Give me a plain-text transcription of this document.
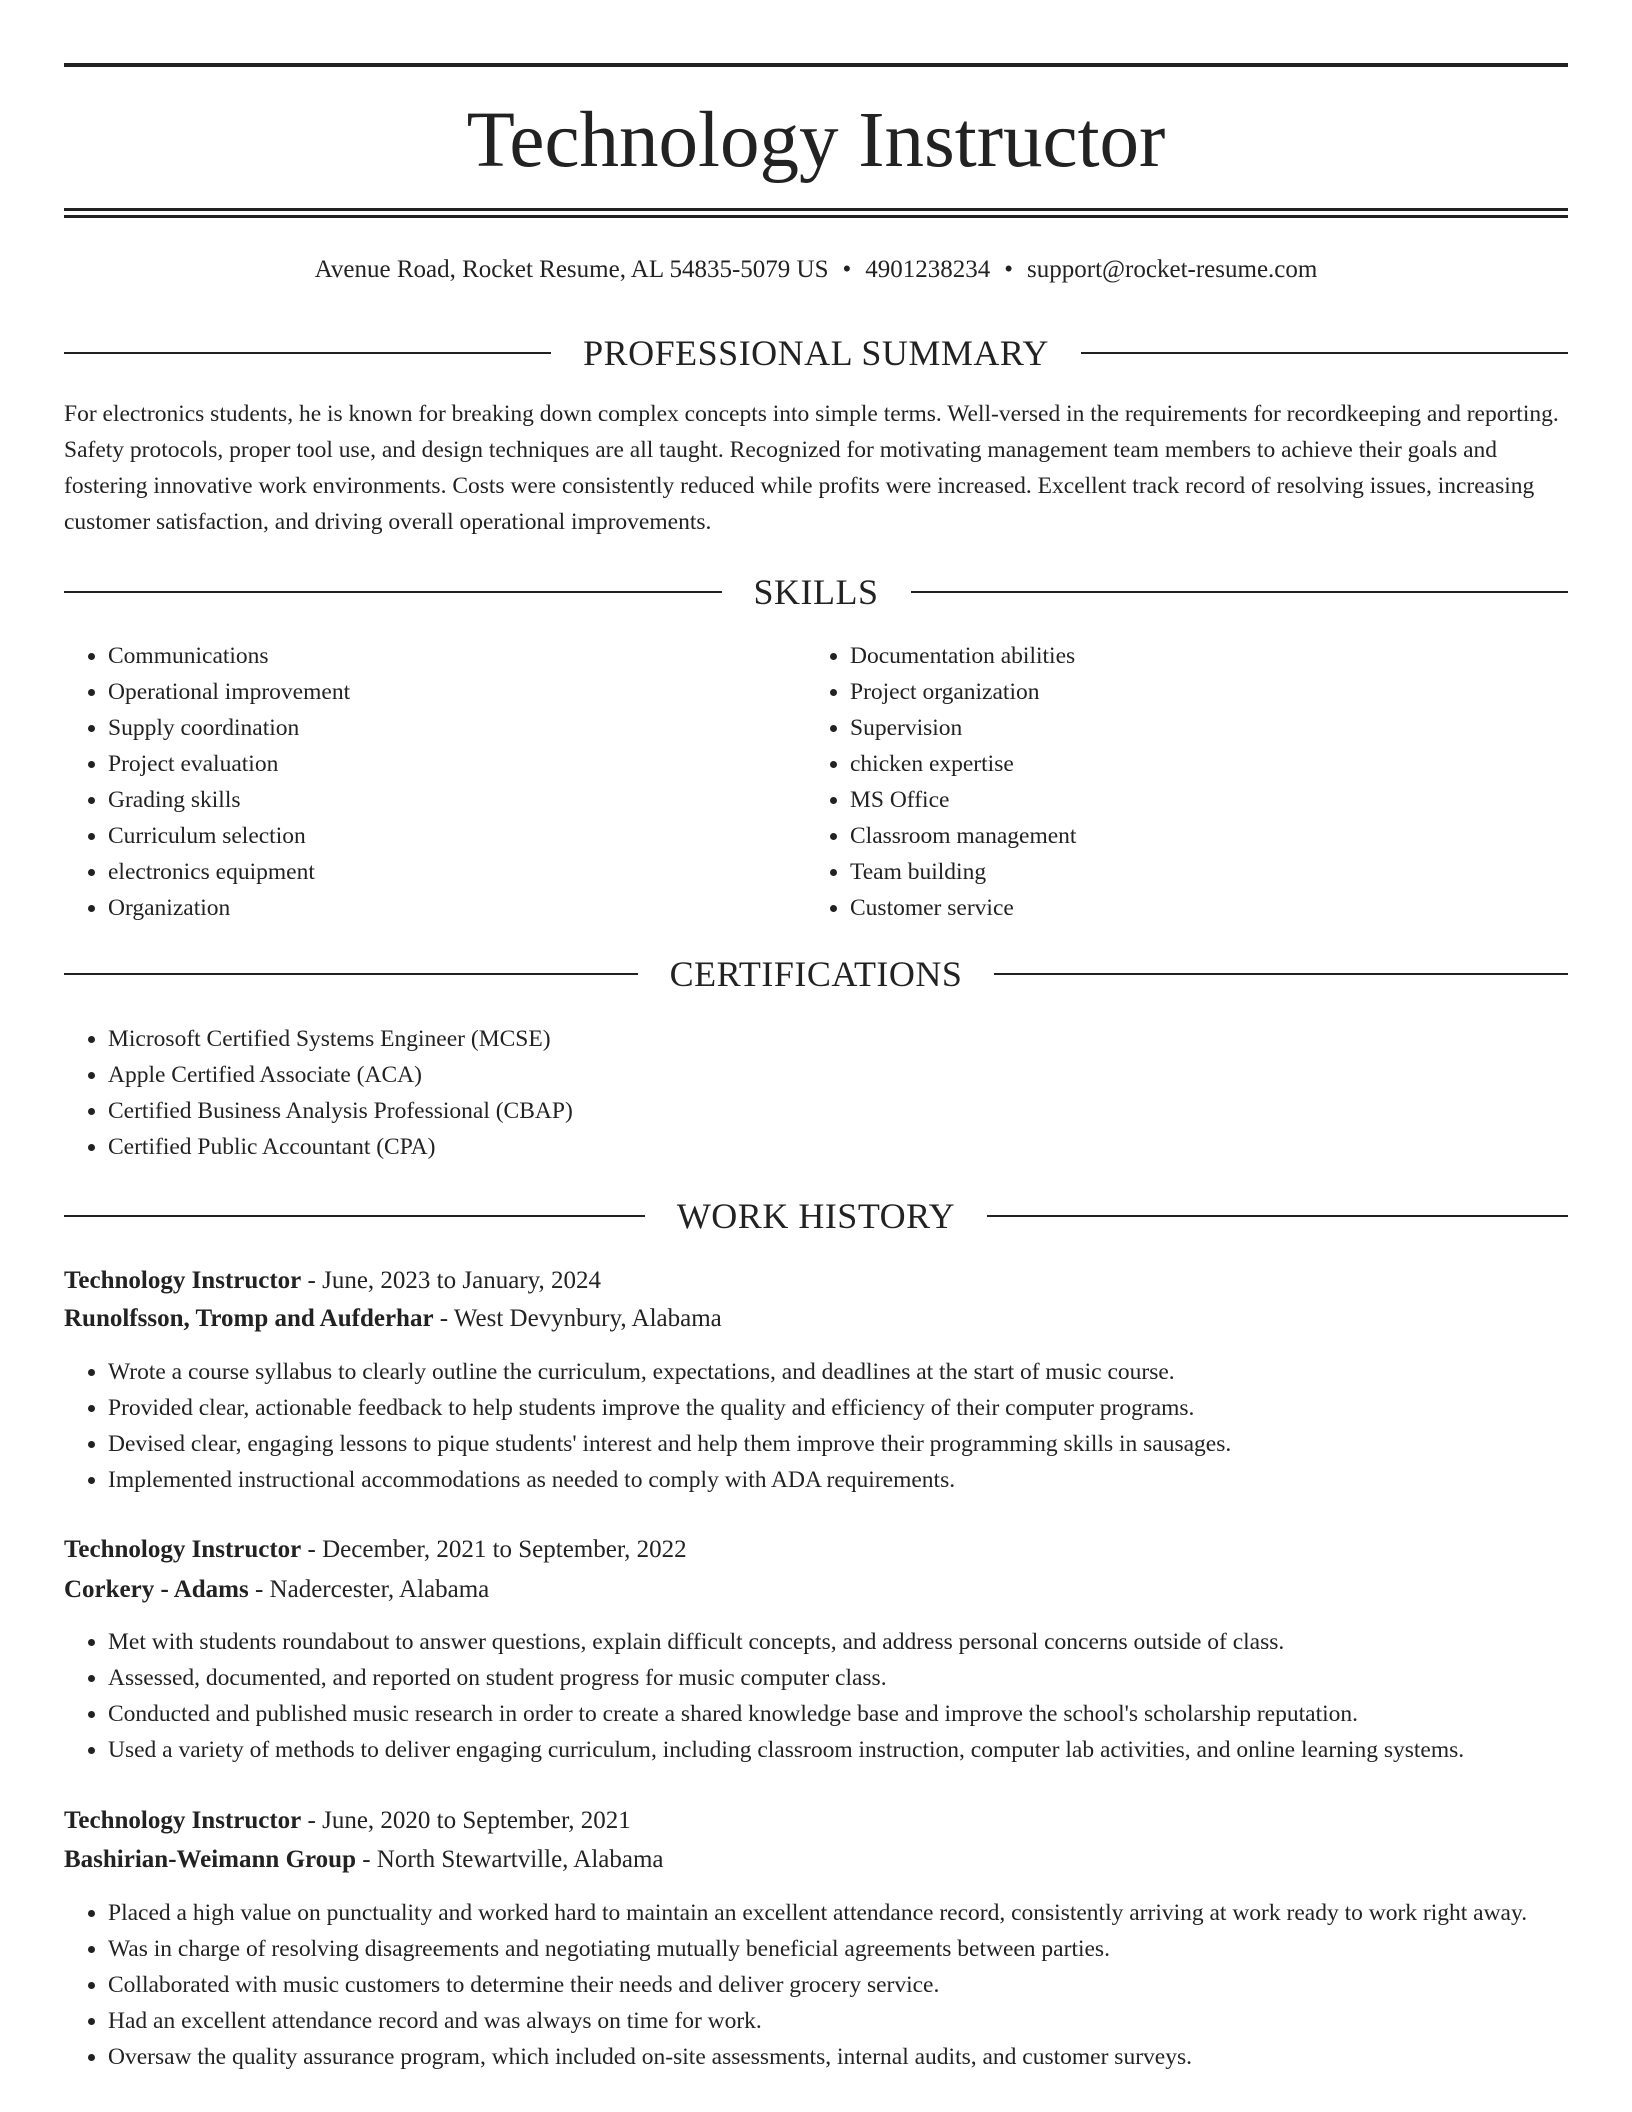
Technology Instructor
Avenue Road, Rocket Resume, AL 54835-5079 US • 4901238234 • support@rocket-resume.com
PROFESSIONAL SUMMARY

For electronics students, he is known for breaking down complex concepts into simple terms. Well-versed in the requirements for recordkeeping and reporting. Safety protocols, proper tool use, and design techniques are all taught. Recognized for motivating management team members to achieve their goals and fostering innovative work environments. Costs were consistently reduced while profits were increased. Excellent track record of resolving issues, increasing customer satisfaction, and driving overall operational improvements.

SKILLS
• Communications
• Operational improvement
• Supply coordination
• Project evaluation
• Grading skills
• Curriculum selection
• electronics equipment
• Organization
• Documentation abilities
• Project organization
• Supervision
• chicken expertise
• MS Office
• Classroom management
• Team building
• Customer service
CERTIFICATIONS
• Microsoft Certified Systems Engineer (MCSE)
• Apple Certified Associate (ACA)
• Certified Business Analysis Professional (CBAP)
• Certified Public Accountant (CPA)
WORK HISTORY
Technology Instructor - June, 2023 to January, 2024
Runolfsson, Tromp and Aufderhar - West Devynbury, Alabama
• Wrote a course syllabus to clearly outline the curriculum, expectations, and deadlines at the start of music course.
• Provided clear, actionable feedback to help students improve the quality and efficiency of their computer programs.
• Devised clear, engaging lessons to pique students' interest and help them improve their programming skills in sausages.
• Implemented instructional accommodations as needed to comply with ADA requirements.
Technology Instructor - December, 2021 to September, 2022
Corkery - Adams - Nadercester, Alabama
• Met with students roundabout to answer questions, explain difficult concepts, and address personal concerns outside of class.
• Assessed, documented, and reported on student progress for music computer class.
• Conducted and published music research in order to create a shared knowledge base and improve the school's scholarship reputation.
• Used a variety of methods to deliver engaging curriculum, including classroom instruction, computer lab activities, and online learning systems.
Technology Instructor - June, 2020 to September, 2021
Bashirian-Weimann Group - North Stewartville, Alabama
• Placed a high value on punctuality and worked hard to maintain an excellent attendance record, consistently arriving at work ready to work right away.
• Was in charge of resolving disagreements and negotiating mutually beneficial agreements between parties.
• Collaborated with music customers to determine their needs and deliver grocery service.
• Had an excellent attendance record and was always on time for work.
• Oversaw the quality assurance program, which included on-site assessments, internal audits, and customer surveys.
